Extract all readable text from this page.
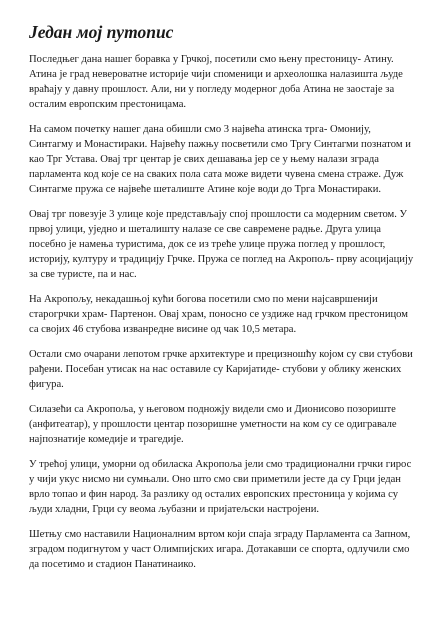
Један мој путопис

Последњег дана нашег боравка у Грчкој, посетили смо њену престоницу- Атину. Атина је град невероватне историје чији споменици и археолошка налазишта људе враћају у давну прошлост. Али, ни у погледу модерног доба Атина не заостаје за осталим европским престоницама.

На самом почетку нашег дана обишли смо 3 највећа атинска трга- Омонију, Синтагму и Монастираки. Највећу пажњу посветили смо Тргу Синтагми познатом и као Трг Устава. Овај трг центар је свих дешавања јер се у њему налази зграда парламента код које се на сваких пола сата може видети чувена смена страже. Дуж Синтагме пружа се највеће шеталиште Атине које води до Трга Монастираки.

Овај трг повезује 3 улице које представљају спој прошлости са модерним светом. У првој улици, уједно и шеталишту налазе се све савремене радње. Друга улица посебно је намења туристима, док се из треће улице пружа поглед у прошлост, историју, културу и традицију Грчке. Пружа се поглед на Акропољ- прву асоцијацију за све туристе, па и нас.

На Акропољу, некадашњој кући богова посетили смо по мени најсавршенији старогрчки храм- Партенон. Овај храм, поносно се уздиже над грчком престоницом са својих 46 стубова изванредне висине од чак 10,5 метара.

Остали смо очарани лепотом грчке архитектуре и прецизношћу којом су сви стубови рађени. Посебан утисак на нас оставиле су Каријатиде- стубови у облику женских фигура.

Силазећи са Акропоља, у његовом подножју видели смо и Дионисово позориште (анфитеатар), у прошлости центар позоришне уметности на ком су се одигравале најпознатије комедије и трагедије.

У трећој улици, уморни од обиласка Акропоља јели смо традиционални грчки гирос у чији укус нисмо ни сумњали. Оно што смо сви приметили јесте да су Грци један врло топао и фин народ. За разлику од осталих европских престоница у којима су људи хладни, Грци су веома љубазни и пријатељски настројени.

Шетњу смо наставили Националним вртом који спаја зграду Парламента са Запном, зградом подигнутом у част Олимпијских игара. Дотакавши се спорта, одлучили смо да посетимо и стадион Панатинаико.
